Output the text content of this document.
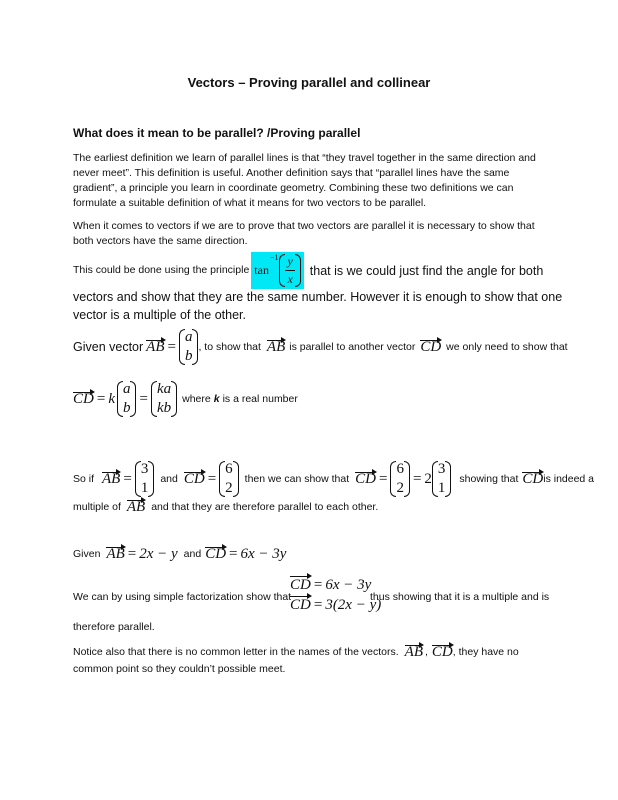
Vectors – Proving parallel and collinear
What does it mean to be parallel? /Proving parallel
The earliest definition we learn of parallel lines is that “they travel together in the same direction and
never meet”. This definition is useful. Another definition says that “parallel lines have the same
gradient”, a principle you learn in coordinate geometry. Combining these two definitions we can
formulate a suitable definition of what it means for two vectors to be parallel.
When it comes to vectors if we are to prove that two vectors are parallel it is necessary to show that
both vectors have the same direction.
This could be done using the principle tan
$-1 \frac{y}{x}$ that is we could just find the angle for both
vectors and show that they are the same number. However it is enough to show that one
vector is a multiple of the other.
Given vector AB =
a
b
, to show that AB is parallel to another vector CD we only need to show that
CD = k
a
b
=
ka
kb
where k is a real number
So if AB =
3
1
and CD =
6
2
then we can show that CD =
6
2
= 2
3
1
showing that CD is indeed a
multiple of AB and that they are therefore parallel to each other.
Given AB = 2x − y and CD = 6x − 3y
We can by using simple factorization show that
CD = 6x − 3y
CD = 3(2x − y)
thus showing that it is a multiple and is
therefore parallel.
Notice also that there is no common letter in the names of the vectors. AB , CD , they have no
common point so they couldn’t possible meet.
